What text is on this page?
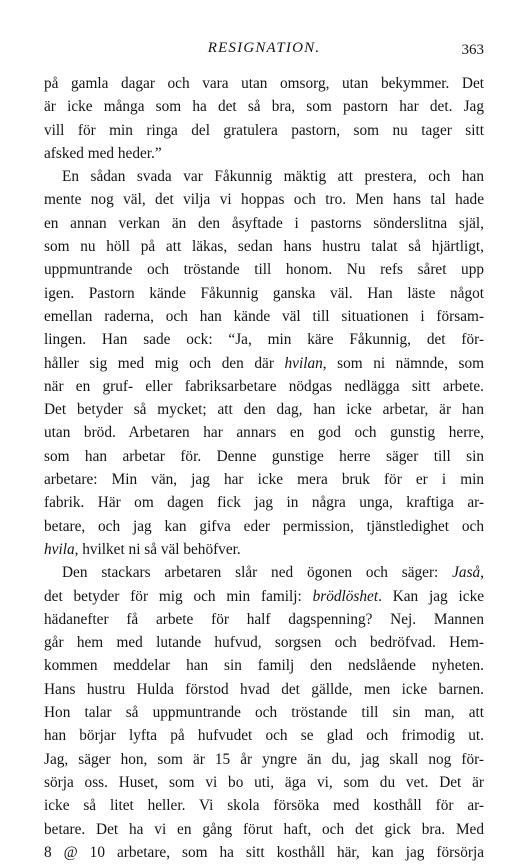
RESIGNATION.	363
på gamla dagar och vara utan omsorg, utan bekymmer. Det
är icke många som ha det så bra, som pastorn har det. Jag
vill för min ringa del gratulera pastorn, som nu tager sitt
afsked med heder.”
En sådan svada var Fåkunnig mäktig att prestera, och han
mente nog väl, det vilja vi hoppas och tro. Men hans tal hade
en annan verkan än den åsyftade i pastorns sönderslitna själ,
som nu höll på att läkas, sedan hans hustru talat så hjärtligt,
uppmuntrande och tröstande till honom. Nu refs såret upp
igen. Pastorn kände Fåkunnig ganska väl. Han läste något
emellan raderna, och han kände väl till situationen i försam-
lingen. Han sade ock: “Ja, min käre Fåkunnig, det för-
håller sig med mig och den där hvilan, som ni nämnde, som
när en gruf- eller fabriksarbetare nödgas nedlägga sitt arbete.
Det betyder så mycket; att den dag, han icke arbetar, är han
utan bröd. Arbetaren har annars en god och gunstig herre,
som han arbetar för. Denne gunstige herre säger till sin
arbetare: Min vän, jag har icke mera bruk för er i min
fabrik. Här om dagen fick jag in några unga, kraftiga ar-
betare, och jag kan gifva eder permission, tjänstledighet och
hvila, hvilket ni så väl behöfver.
Den stackars arbetaren slår ned ögonen och säger: Jaså,
det betyder för mig och min familj: brödlöshet. Kan jag icke
hädanefter få arbete för half dagspenning? Nej. Mannen
går hem med lutande hufvud, sorgsen och bedröfvad. Hem-
kommen meddelar han sin familj den nedslående nyheten.
Hans hustru Hulda förstod hvad det gällde, men icke barnen.
Hon talar så uppmuntrande och tröstande till sin man, att
han börjar lyfta på hufvudet och se glad och frimodig ut.
Jag, säger hon, som är 15 år yngre än du, jag skall nog för-
sörja oss. Huset, som vi bo uti, äga vi, som du vet. Det är
icke så litet heller. Vi skola försöka med kosthåll för ar-
betare. Det ha vi en gång förut haft, och det gick bra. Med
8 @ 10 arbetare, som ha sitt kosthåll här, kan jag försörja
